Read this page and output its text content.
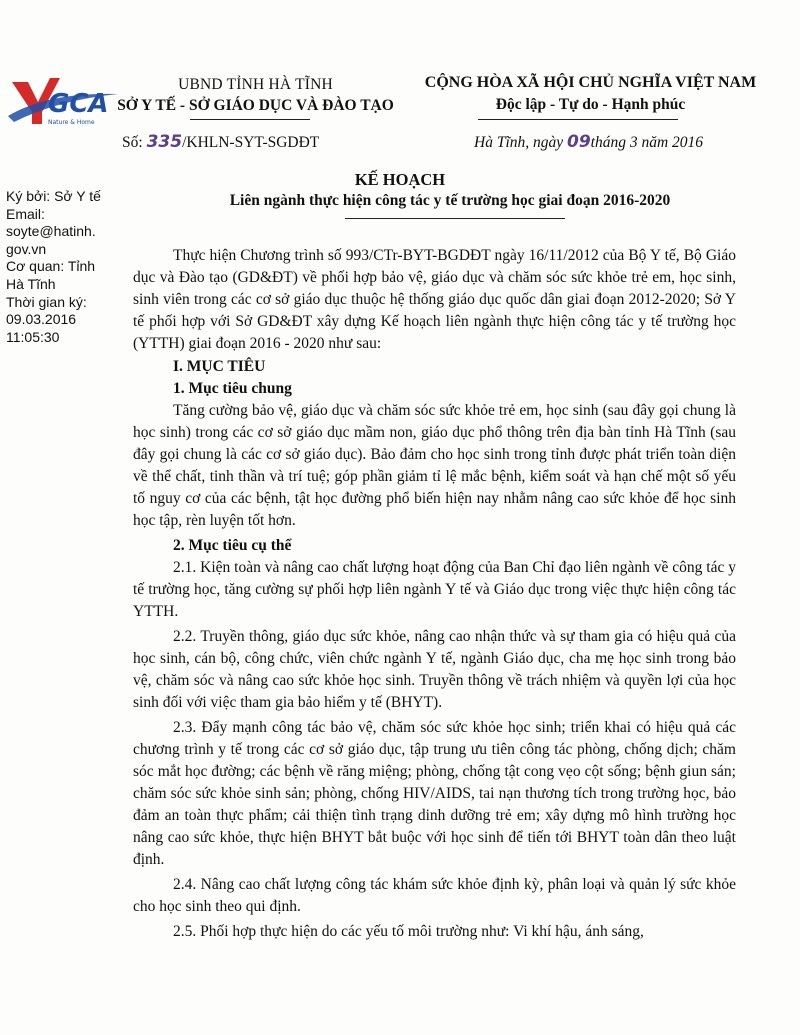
GCA
Nature & Home
UBND TỈNH HÀ TĨNH
SỞ Y TẾ - SỞ GIÁO DỤC VÀ ĐÀO TẠO
CỘNG HÒA XÃ HỘI CHỦ NGHĨA VIỆT NAM
Độc lập - Tự do - Hạnh phúc
Số: 335/KHLN-SYT-SGDĐT	Hà Tĩnh, ngày 09tháng 3 năm 2016
KẾ HOẠCH
Liên ngành thực hiện công tác y tế trường học giai đoạn 2016-2020
Ký bởi: Sở Y tế
Email:
soyte@hatinh.
gov.vn
Cơ quan: Tỉnh
Hà Tĩnh
Thời gian ký:
09.03.2016
11:05:30

Thực hiện Chương trình số 993/CTr-BYT-BGDĐT ngày 16/11/2012 của Bộ Y tế, Bộ Giáo dục và Đào tạo (GD&ĐT) về phối hợp bảo vệ, giáo dục và chăm sóc sức khỏe trẻ em, học sinh, sinh viên trong các cơ sở giáo dục thuộc hệ thống giáo dục quốc dân giai đoạn 2012-2020; Sở Y tế phối hợp với Sở GD&ĐT xây dựng Kế hoạch liên ngành thực hiện công tác y tế trường học (YTTH) giai đoạn 2016 - 2020 như sau:

I. MỤC TIÊU

1. Mục tiêu chung

Tăng cường bảo vệ, giáo dục và chăm sóc sức khỏe trẻ em, học sinh (sau đây gọi chung là học sinh) trong các cơ sở giáo dục mầm non, giáo dục phổ thông trên địa bàn tỉnh Hà Tĩnh (sau đây gọi chung là các cơ sở giáo dục). Bảo đảm cho học sinh trong tỉnh được phát triển toàn diện về thể chất, tinh thần và trí tuệ; góp phần giảm tỉ lệ mắc bệnh, kiểm soát và hạn chế một số yếu tố nguy cơ của các bệnh, tật học đường phổ biến hiện nay nhằm nâng cao sức khỏe để học sinh học tập, rèn luyện tốt hơn.

2. Mục tiêu cụ thể

2.1. Kiện toàn và nâng cao chất lượng hoạt động của Ban Chỉ đạo liên ngành về công tác y tế trường học, tăng cường sự phối hợp liên ngành Y tế và Giáo dục trong việc thực hiện công tác YTTH.

2.2. Truyền thông, giáo dục sức khỏe, nâng cao nhận thức và sự tham gia có hiệu quả của học sinh, cán bộ, công chức, viên chức ngành Y tế, ngành Giáo dục, cha mẹ học sinh trong bảo vệ, chăm sóc và nâng cao sức khỏe học sinh. Truyền thông về trách nhiệm và quyền lợi của học sinh đối với việc tham gia bảo hiểm y tế (BHYT).

2.3. Đẩy mạnh công tác bảo vệ, chăm sóc sức khỏe học sinh; triển khai có hiệu quả các chương trình y tế trong các cơ sở giáo dục, tập trung ưu tiên công tác phòng, chống dịch; chăm sóc mắt học đường; các bệnh về răng miệng; phòng, chống tật cong vẹo cột sống; bệnh giun sán; chăm sóc sức khỏe sinh sản; phòng, chống HIV/AIDS, tai nạn thương tích trong trường học, bảo đảm an toàn thực phẩm; cải thiện tình trạng dinh dưỡng trẻ em; xây dựng mô hình trường học nâng cao sức khỏe, thực hiện BHYT bắt buộc với học sinh để tiến tới BHYT toàn dân theo luật định.

2.4. Nâng cao chất lượng công tác khám sức khỏe định kỳ, phân loại và quản lý sức khỏe cho học sinh theo qui định.

2.5. Phối hợp thực hiện do các yếu tố môi trường như: Vi khí hậu, ánh sáng,
